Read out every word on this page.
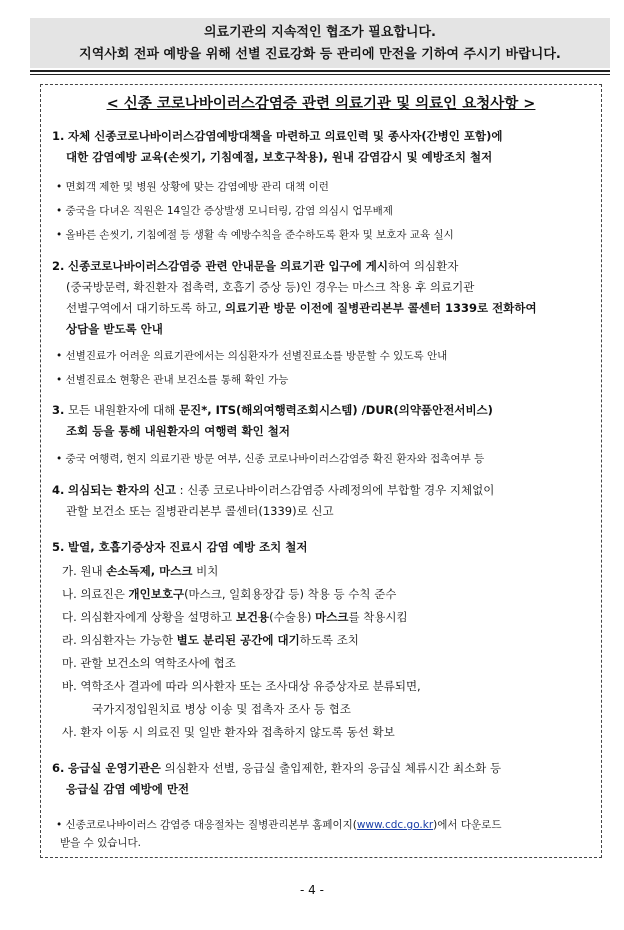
의료기관의 지속적인 협조가 필요합니다.
지역사회 전파 예방을 위해 선별 진료강화 등 관리에 만전을 기하여 주시기 바랍니다.
< 신종 코로나바이러스감염증 관련 의료기관 및 의료인 요청사항 >
1. 자체 신종코로나바이러스감염예방대책을 마련하고 의료인력 및 종사자(간병인 포함)에
대한 감염예방 교육(손씻기, 기침예절, 보호구착용), 원내 감염감시 및 예방조치 철저
• 면회객 제한 및 병원 상황에 맞는 감염예방 관리 대책 이런
• 중국을 다녀온 직원은 14일간 증상발생 모니터링, 감염 의심시 업무배제
• 올바른 손씻기, 기침예절 등 생활 속 예방수칙을 준수하도록 환자 및 보호자 교육 실시
2. 신종코로나바이러스감염증 관련 안내문을 의료기관 입구에 게시하여 의심환자
(중국방문력, 확진환자 접촉력, 호흡기 증상 등)인 경우는 마스크 착용 후 의료기관
선별구역에서 대기하도록 하고, 의료기관 방문 이전에 질병관리본부 콜센터 1339로 전화하여
상담을 받도록 안내
• 선별진료가 어려운 의료기관에서는 의심환자가 선별진료소를 방문할 수 있도록 안내
• 선별진료소 현황은 관내 보건소를 통해 확인 가능
3. 모든 내원환자에 대해 문진*, ITS(해외여행력조회시스템) /DUR(의약품안전서비스)
조회 등을 통해 내원환자의 여행력 확인 철저
• 중국 여행력, 현지 의료기관 방문 여부, 신종 코로나바이러스감염증 확진 환자와 접촉여부 등
4. 의심되는 환자의 신고 : 신종 코로나바이러스감염증 사례정의에 부합할 경우 지체없이
관할 보건소 또는 질병관리본부 콜센터(1339)로 신고
5. 발열, 호흡기증상자 진료시 감염 예방 조치 철저
가. 원내 손소독제, 마스크 비치
나. 의료진은 개인보호구(마스크, 일회용장갑 등) 착용 등 수칙 준수
다. 의심환자에게 상황을 설명하고 보건용(수술용) 마스크를 착용시킴
라. 의심환자는 가능한 별도 분리된 공간에 대기하도록 조치
마. 관할 보건소의 역학조사에 협조
바. 역학조사 결과에 따라 의사환자 또는 조사대상 유증상자로 분류되면,
국가지정입원치료 병상 이송 및 접촉자 조사 등 협조
사. 환자 이동 시 의료진 및 일반 환자와 접촉하지 않도록 동선 확보
6. 응급실 운영기관은 의심환자 선별, 응급실 출입제한, 환자의 응급실 체류시간 최소화 등
응급실 감염 예방에 만전
• 신종코로나바이러스 감염증 대응절차는 질병관리본부 홈페이지(www.cdc.go.kr)에서 다운로드
받을 수 있습니다.
- 4 -
